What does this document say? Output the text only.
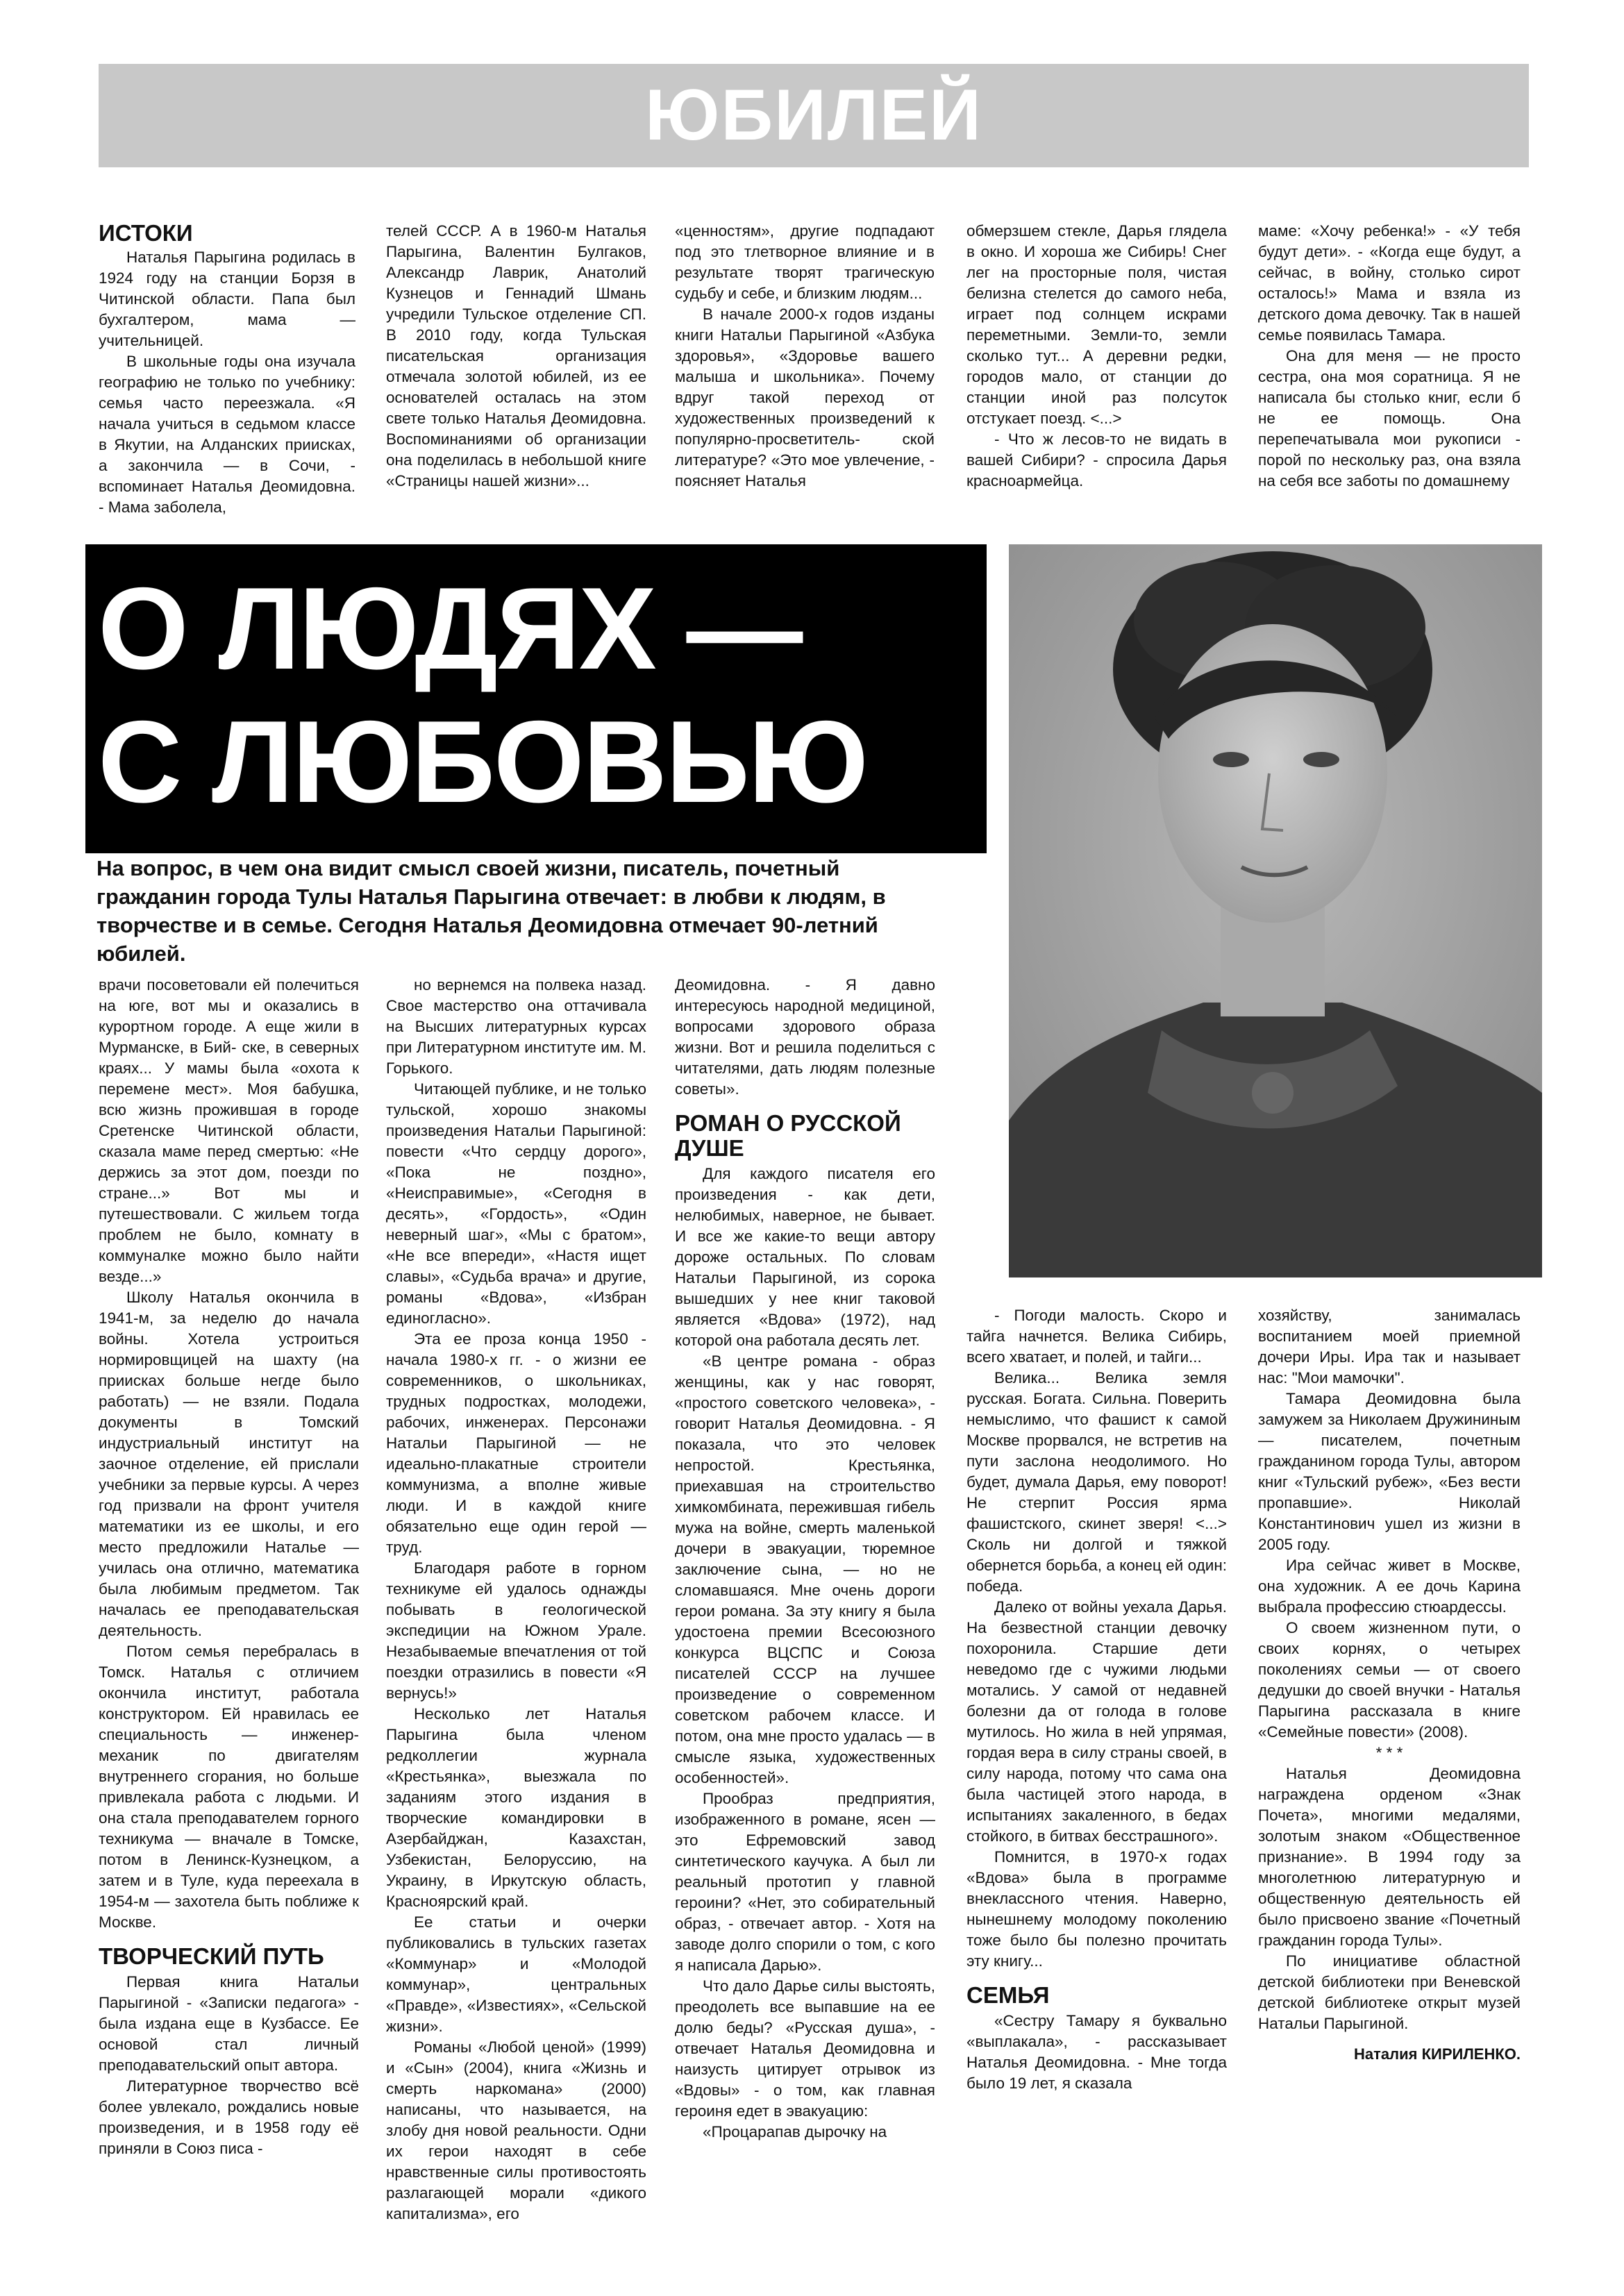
ЮБИЛЕЙ
ИСТОКИ

Наталья Парыгина родилась в 1924 году на станции Борзя в Читинской области. Папа был бухгалтером, мама — учительницей.

В школьные годы она изучала географию не только по учебнику: семья часто переезжала. «Я начала учиться в седьмом классе в Якутии, на Алданских приисках, а закончила — в Сочи, - вспоминает Наталья Деомидовна. - Мама заболела,

телей СССР. А в 1960-м Наталья Парыгина, Валентин Булгаков, Александр Лаврик, Анатолий Кузнецов и Геннадий Шмань учредили Тульское отделение СП. В 2010 году, когда Тульская писательская организация отмечала золотой юбилей, из ее основателей осталась на этом свете только Наталья Деомидовна. Воспоминаниями об организации она поделилась в небольшой книге «Страницы нашей жизни»...

«ценностям», другие подпадают под это тлетворное влияние и в результате творят трагическую судьбу и себе, и близким людям...

В начале 2000-х годов изданы книги Натальи Парыгиной «Азбука здоровья», «Здоровье вашего малыша и школьника». Почему вдруг такой переход от художественных произведений к популярно-просветитель- ской литературе? «Это мое увлечение, - поясняет Наталья

обмерзшем стекле, Дарья глядела в окно. И хороша же Сибирь! Снег лег на просторные поля, чистая белизна стелется до самого неба, играет под солнцем искрами переметными. Земли-то, земли сколько тут... А деревни редки, городов мало, от станции до станции иной раз полсуток отстукает поезд. <...>

- Что ж лесов-то не видать в вашей Сибири? - спросила Дарья красноармейца.

маме: «Хочу ребенка!» - «У тебя будут дети». - «Когда еще будут, а сейчас, в войну, столько сирот осталось!» Мама и взяла из детского дома девочку. Так в нашей семье появилась Тамара.

Она для меня — не просто сестра, она моя соратница. Я не написала бы столько книг, если б не ее помощь. Она перепечатывала мои рукописи - порой по нескольку раз, она взяла на себя все заботы по домашнему

О ЛЮДЯХ —
С ЛЮБОВЬЮ
На вопрос, в чем она видит смысл своей жизни, писатель, почетный гражданин города Тулы Наталья Парыгина отвечает: в любви к людям, в творчестве и в семье. Сегодня Наталья Деомидовна отмечает 90-летний юбилей.

врачи посоветовали ей полечиться на юге, вот мы и оказались в курортном городе. А еще жили в Мурманске, в Бий- ске, в северных краях... У мамы была «охота к перемене мест». Моя бабушка, всю жизнь прожившая в городе Сретенске Читинской области, сказала маме перед смертью: «Не держись за этот дом, поезди по стране...» Вот мы и путешествовали. С жильем тогда проблем не было, комнату в коммуналке можно было найти везде...»

Школу Наталья окончила в 1941-м, за неделю до начала войны. Хотела устроиться нормировщицей на шахту (на приисках больше негде было работать) — не взяли. Подала документы в Томский индустриальный институт на заочное отделение, ей прислали учебники за первые курсы. А через год призвали на фронт учителя математики из ее школы, и его место предложили Наталье — училась она отлично, математика была любимым предметом. Так началась ее преподавательская деятельность.

Потом семья перебралась в Томск. Наталья с отличием окончила институт, работала конструктором. Ей нравилась ее специальность — инженер-механик по двигателям внутреннего сгорания, но больше привлекала работа с людьми. И она стала преподавателем горного техникума — вначале в Томске, потом в Ленинск-Кузнецком, а затем и в Туле, куда переехала в 1954-м — захотела быть поближе к Москве.

ТВОРЧЕСКИЙ ПУТЬ

Первая книга Натальи Парыгиной - «Записки педагога» - была издана еще в Кузбассе. Ее основой стал личный преподавательский опыт автора.

Литературное творчество всё более увлекало, рождались новые произведения, и в 1958 году её приняли в Союз писа -

но вернемся на полвека назад. Свое мастерство она оттачивала на Высших литературных курсах при Литературном институте им. М. Горького.

Читающей публике, и не только тульской, хорошо знакомы произведения Натальи Парыгиной: повести «Что сердцу дорого», «Пока не поздно», «Неисправимые», «Сегодня в десять», «Гордость», «Один неверный шаг», «Мы с братом», «Не все впереди», «Настя ищет славы», «Судьба врача» и другие, романы «Вдова», «Избран единогласно».

Эта ее проза конца 1950 - начала 1980-х гг. - о жизни ее современников, о школьниках, трудных подростках, молодежи, рабочих, инженерах. Персонажи Натальи Парыгиной — не идеально-плакатные строители коммунизма, а вполне живые люди. И в каждой книге обязательно еще один герой — труд.

Благодаря работе в горном техникуме ей удалось однажды побывать в геологической экспедиции на Южном Урале. Незабываемые впечатления от той поездки отразились в повести «Я вернусь!»

Несколько лет Наталья Парыгина была членом редколлегии журнала «Крестьянка», выезжала по заданиям этого издания в творческие командировки в Азербайджан, Казахстан, Узбекистан, Белоруссию, на Украину, в Иркутскую область, Красноярский край.

Ее статьи и очерки публиковались в тульских газетах «Коммунар» и «Молодой коммунар», центральных «Правде», «Известиях», «Сельской жизни».

Романы «Любой ценой» (1999) и «Сын» (2004), книга «Жизнь и смерть наркомана» (2000) написаны, что называется, на злобу дня новой реальности. Одни их герои находят в себе нравственные силы противостоять разлагающей морали «дикого капитализма», его

Деомидовна. - Я давно интересуюсь народной медициной, вопросами здорового образа жизни. Вот и решила поделиться с читателями, дать людям полезные советы».

РОМАН О РУССКОЙ ДУШЕ

Для каждого писателя его произведения - как дети, нелюбимых, наверное, не бывает. И все же какие-то вещи автору дороже остальных. По словам Натальи Парыгиной, из сорока вышедших у нее книг таковой является «Вдова» (1972), над которой она работала десять лет.

«В центре романа - образ женщины, как у нас говорят, «простого советского человека», - говорит Наталья Деомидовна. - Я показала, что это человек непростой. Крестьянка, приехавшая на строительство химкомбината, пережившая гибель мужа на войне, смерть маленькой дочери в эвакуации, тюремное заключение сына, — но не сломавшаяся. Мне очень дороги герои романа. За эту книгу я была удостоена премии Всесоюзного конкурса ВЦСПС и Союза писателей СССР на лучшее произведение о современном советском рабочем классе. И потом, она мне просто удалась — в смысле языка, художественных особенностей».

Прообраз предприятия, изображенного в романе, ясен — это Ефремовский завод синтетического каучука. А был ли реальный прототип у главной героини? «Нет, это собирательный образ, - отвечает автор. - Хотя на заводе долго спорили о том, с кого я написала Дарью».

Что дало Дарье силы выстоять, преодолеть все выпавшие на ее долю беды? «Русская душа», - отвечает Наталья Деомидовна и наизусть цитирует отрывок из «Вдовы» - о том, как главная героиня едет в эвакуацию:

«Процарапав дырочку на

- Погоди малость. Скоро и тайга начнется. Велика Сибирь, всего хватает, и полей, и тайги...

Велика... Велика земля русская. Богата. Сильна. Поверить немыслимо, что фашист к самой Москве прорвался, не встретив на пути заслона неодолимого. Но будет, думала Дарья, ему поворот! Не стерпит Россия ярма фашистского, скинет зверя! <...> Сколь ни долгой и тяжкой обернется борьба, а конец ей один: победа.

Далеко от войны уехала Дарья. На безвестной станции девочку похоронила. Старшие дети неведомо где с чужими людьми мотались. У самой от недавней болезни да от голода в голове мутилось. Но жила в ней упрямая, гордая вера в силу страны своей, в силу народа, потому что сама она была частицей этого народа, в испытаниях закаленного, в бедах стойкого, в битвах бесстрашного».

Помнится, в 1970-х годах «Вдова» была в программе внеклассного чтения. Наверно, нынешнему молодому поколению тоже было бы полезно прочитать эту книгу...

СЕМЬЯ

«Сестру Тамару я буквально «выплакала», - рассказывает Наталья Деомидовна. - Мне тогда было 19 лет, я сказала

хозяйству, занималась воспитанием моей приемной дочери Иры. Ира так и называет нас: "Мои мамочки".

Тамара Деомидовна была замужем за Николаем Дружининым — писателем, почетным гражданином города Тулы, автором книг «Тульский рубеж», «Без вести пропавшие». Николай Константинович ушел из жизни в 2005 году.

Ира сейчас живет в Москве, она художник. А ее дочь Карина выбрала профессию стюардессы.

О своем жизненном пути, о своих корнях, о четырех поколениях семьи — от своего дедушки до своей внучки - Наталья Парыгина рассказала в книге «Семейные повести» (2008).

* * *

Наталья Деомидовна награждена орденом «Знак Почета», многими медалями, золотым знаком «Общественное признание». В 1994 году за многолетнюю литературную и общественную деятельность ей было присвоено звание «Почетный гражданин города Тулы».

По инициативе областной детской библиотеки при Веневской детской библиотеке открыт музей Натальи Парыгиной.

Наталия КИРИЛЕНКО.
